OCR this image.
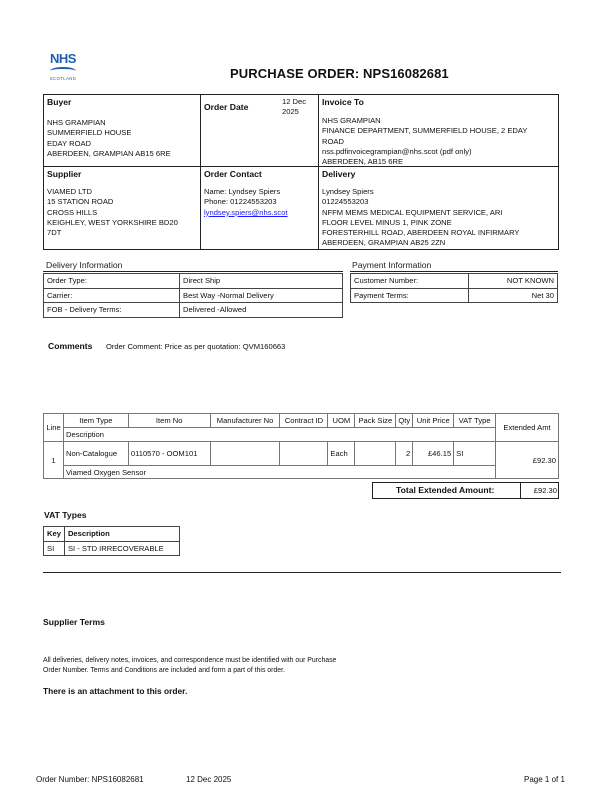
NHS
SCOTLAND	PURCHASE ORDER: NPS16082681
Buyer
NHS GRAMPIAN
SUMMERFIELD HOUSE
EDAY ROAD
ABERDEEN, GRAMPIAN AB15 6RE
Order Date
12 Dec
2025
Invoice To
NHS GRAMPIAN
FINANCE DEPARTMENT, SUMMERFIELD HOUSE, 2 EDAY
ROAD
nss.pdfinvoicegrampian@nhs.scot (pdf only)
ABERDEEN, AB15 6RE
Supplier
VIAMED LTD
15 STATION ROAD
CROSS HILLS
KEIGHLEY, WEST YORKSHIRE BD20
7DT
Order Contact
Name: Lyndsey Spiers
Phone: 01224553203
lyndsey.spiers@nhs.scot
Delivery
Lyndsey Spiers
01224553203
NFFM MEMS MEDICAL EQUIPMENT SERVICE, ARI
FLOOR LEVEL MINUS 1, PINK ZONE
FORESTERHILL ROAD, ABERDEEN ROYAL INFIRMARY
ABERDEEN, GRAMPIAN AB25 2ZN
Delivery Information
Order Type:	Direct Ship
Carrier:	Best Way -Normal Delivery
FOB - Delivery Terms:	Delivered -Allowed
Payment Information
Customer Number:	NOT KNOWN
Payment Terms:	Net 30
Comments Order Comment: Price as per quotation: QVM160663
Line	Item Type	Item No	Manufacturer No	Contract ID	UOM	Pack Size	Qty	Unit Price	VAT Type	Extended Amt
	Description									
1	Non-Catalogue	0110570 - OOM101			Each		2	£46.15	SI	£92.30
	Viamed Oxygen Sensor									
Total Extended Amount:	£92.30
VAT Types
Key	Description
SI	SI - STD IRRECOVERABLE
Supplier Terms
All deliveries, delivery notes, invoices, and correspondence must be identified with our Purchase
Order Number. Terms and Conditions are included and form a part of this order.
There is an attachment to this order.
Order Number: NPS16082681	12 Dec 2025	Page 1 of 1
